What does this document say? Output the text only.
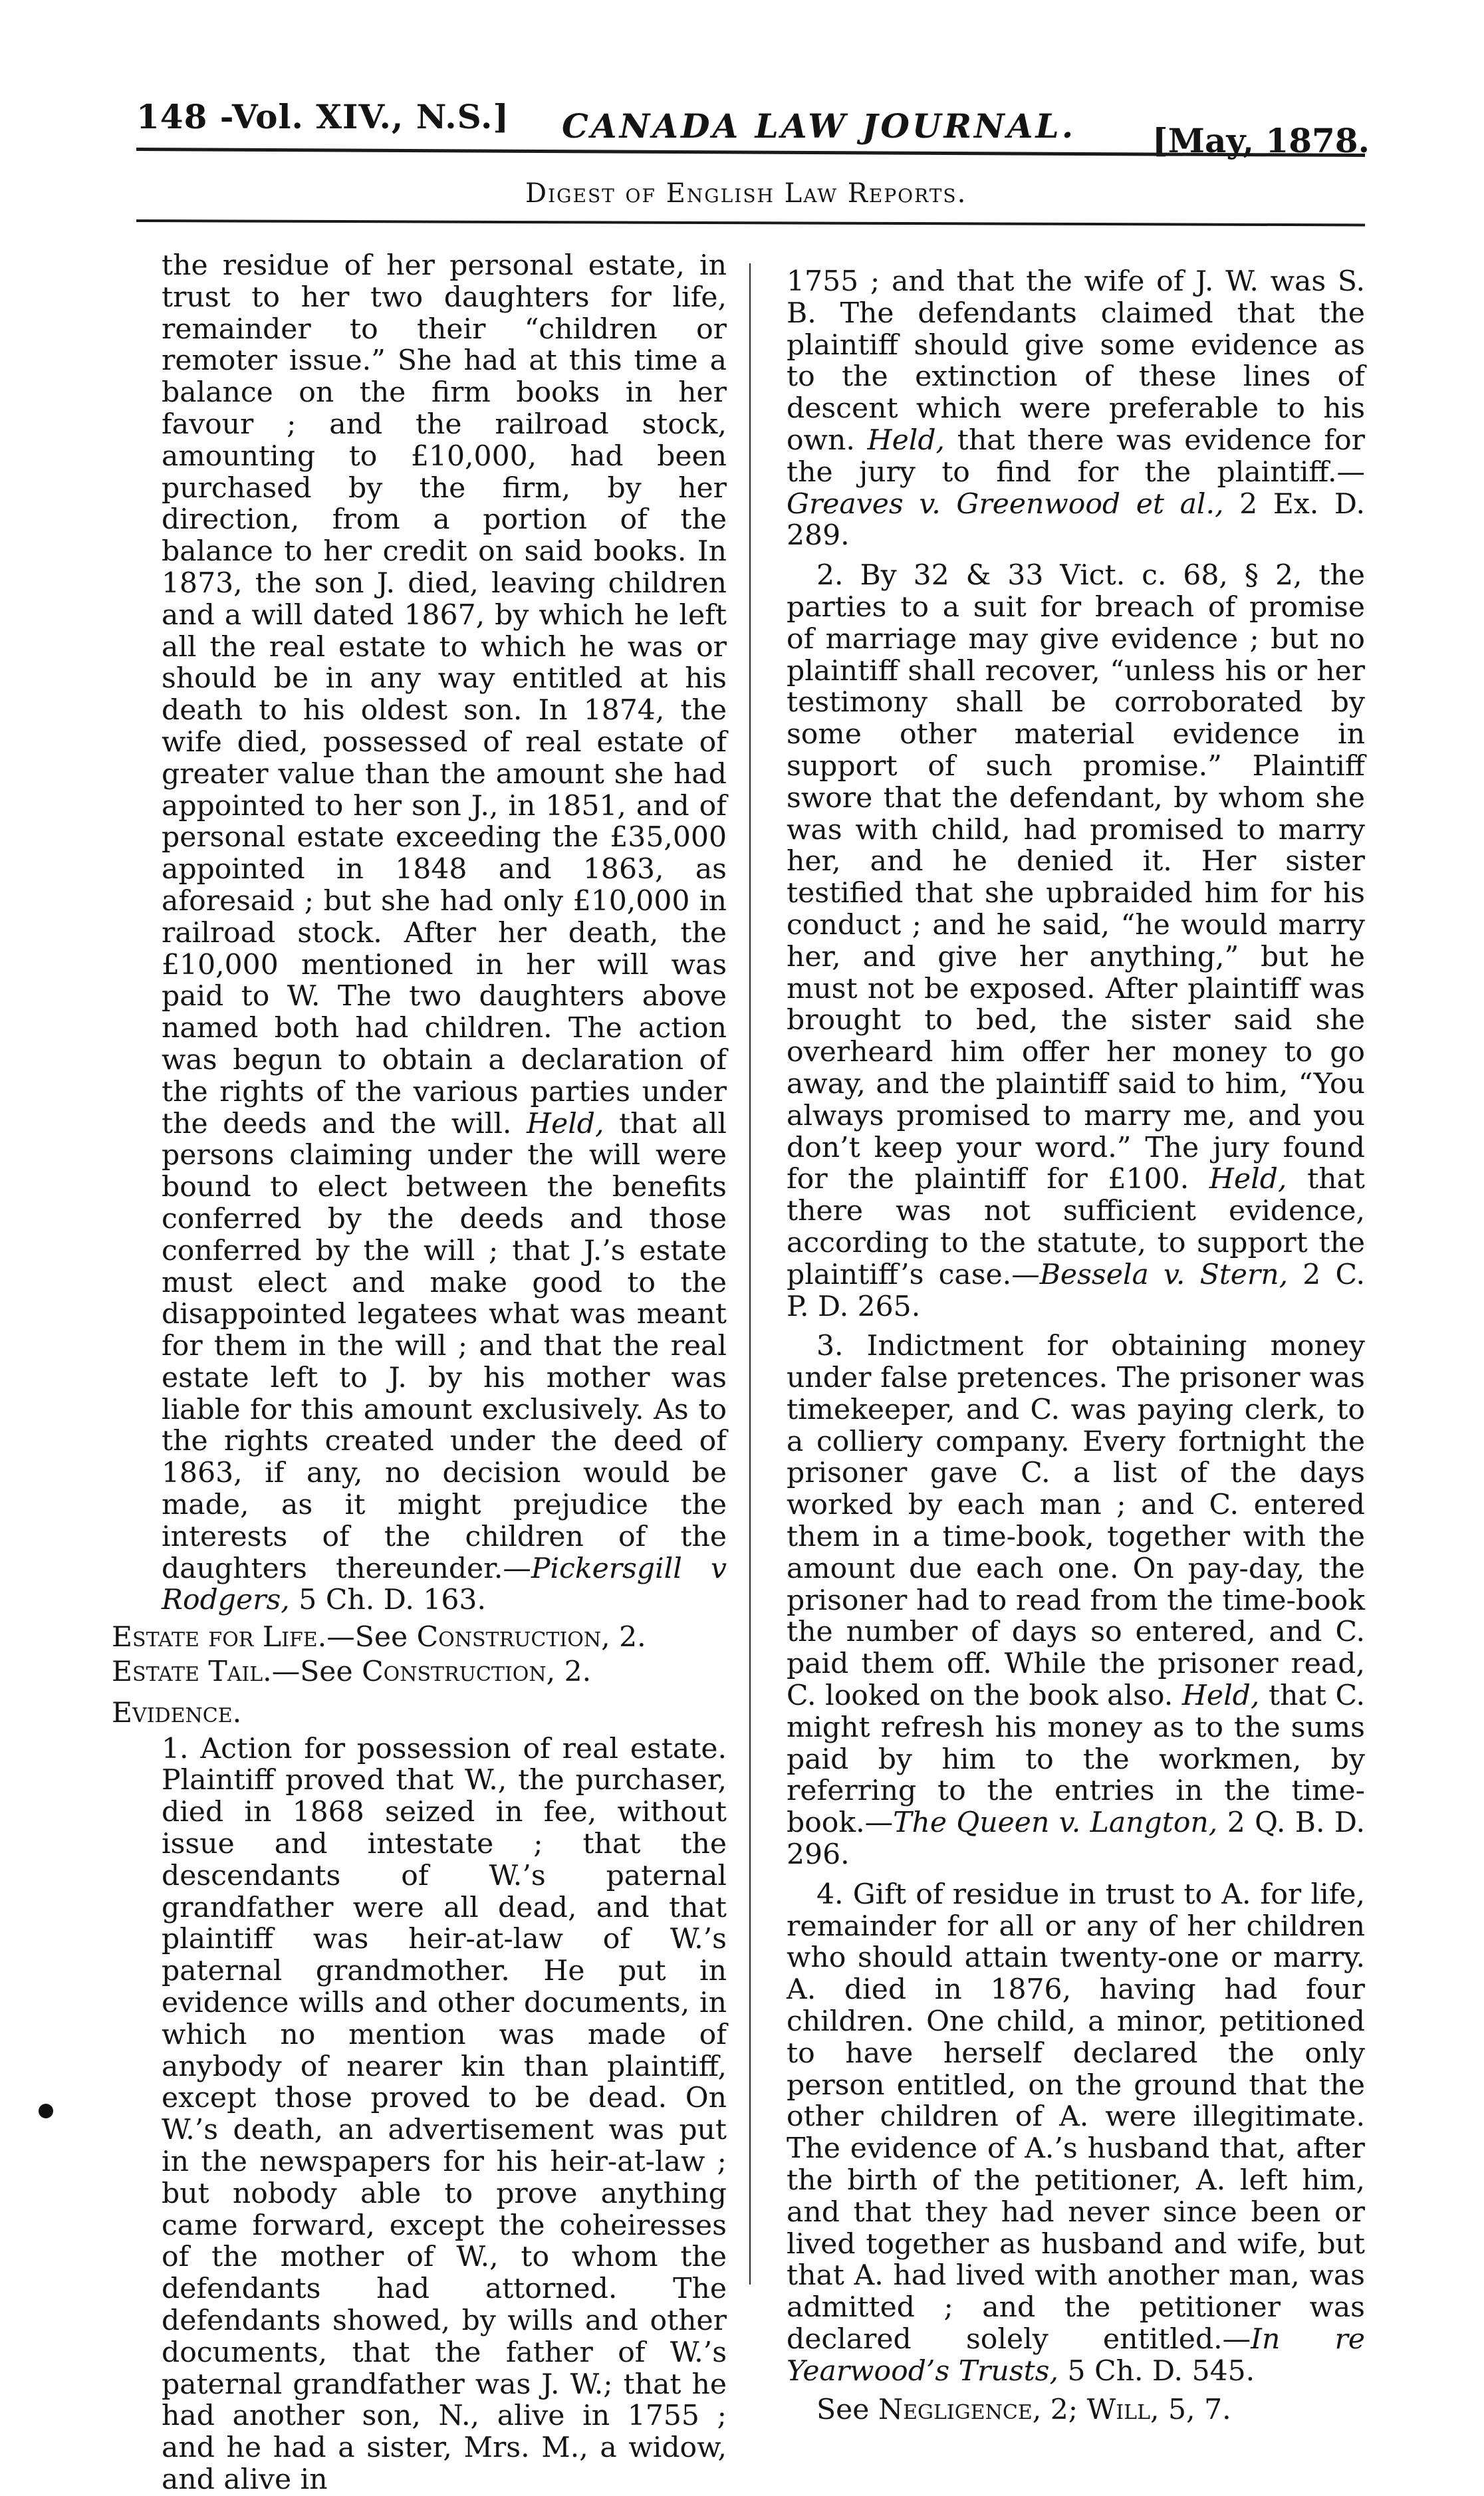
148 -Vol. XIV., N.S.] CANADA LAW JOURNAL. [May, 1878.
Digest of English Law Reports.

the residue of her personal estate, in trust to her two daughters for life, remainder to their “children or remoter issue.” She had at this time a balance on the firm books in her favour ; and the railroad stock, amounting to £10,000, had been purchased by the firm, by her direction, from a portion of the balance to her credit on said books. In 1873, the son J. died, leaving children and a will dated 1867, by which he left all the real estate to which he was or should be in any way entitled at his death to his oldest son. In 1874, the wife died, possessed of real estate of greater value than the amount she had appointed to her son J., in 1851, and of personal estate exceeding the £35,000 appointed in 1848 and 1863, as aforesaid ; but she had only £10,000 in railroad stock. After her death, the £10,000 mentioned in her will was paid to W. The two daughters above named both had children. The action was begun to obtain a declaration of the rights of the various parties under the deeds and the will. Held, that all persons claiming under the will were bound to elect between the benefits conferred by the deeds and those conferred by the will ; that J.’s estate must elect and make good to the disappointed legatees what was meant for them in the will ; and that the real estate left to J. by his mother was liable for this amount exclusively. As to the rights created under the deed of 1863, if any, no decision would be made, as it might prejudice the interests of the children of the daughters thereunder.—Pickersgill v Rodgers, 5 Ch. D. 163.

Estate for Life.—See Construction, 2.

Estate Tail.—See Construction, 2.

Evidence.

1. Action for possession of real estate. Plaintiff proved that W., the purchaser, died in 1868 seized in fee, without issue and intestate ; that the descendants of W.’s paternal grandfather were all dead, and that plaintiff was heir-at-law of W.’s paternal grandmother. He put in evidence wills and other documents, in which no mention was made of anybody of nearer kin than plaintiff, except those proved to be dead. On W.’s death, an advertisement was put in the newspapers for his heir-at-law ; but nobody able to prove anything came forward, except the coheiresses of the mother of W., to whom the defendants had attorned. The defendants showed, by wills and other documents, that the father of W.’s paternal grandfather was J. W.; that he had another son, N., alive in 1755 ; and he had a sister, Mrs. M., a widow, and alive in

1755 ; and that the wife of J. W. was S. B. The defendants claimed that the plaintiff should give some evidence as to the extinction of these lines of descent which were preferable to his own. Held, that there was evidence for the jury to find for the plaintiff.—Greaves v. Greenwood et al., 2 Ex. D. 289.

2. By 32 & 33 Vict. c. 68, § 2, the parties to a suit for breach of promise of marriage may give evidence ; but no plaintiff shall recover, “unless his or her testimony shall be corroborated by some other material evidence in support of such promise.” Plaintiff swore that the defendant, by whom she was with child, had promised to marry her, and he denied it. Her sister testified that she upbraided him for his conduct ; and he said, “he would marry her, and give her anything,” but he must not be exposed. After plaintiff was brought to bed, the sister said she overheard him offer her money to go away, and the plaintiff said to him, “You always promised to marry me, and you don’t keep your word.” The jury found for the plaintiff for £100. Held, that there was not sufficient evidence, according to the statute, to support the plaintiff’s case.—Bessela v. Stern, 2 C. P. D. 265.

3. Indictment for obtaining money under false pretences. The prisoner was timekeeper, and C. was paying clerk, to a colliery company. Every fortnight the prisoner gave C. a list of the days worked by each man ; and C. entered them in a time-book, together with the amount due each one. On pay-day, the prisoner had to read from the time-book the number of days so entered, and C. paid them off. While the prisoner read, C. looked on the book also. Held, that C. might refresh his money as to the sums paid by him to the workmen, by referring to the entries in the time-book.—The Queen v. Langton, 2 Q. B. D. 296.

4. Gift of residue in trust to A. for life, remainder for all or any of her children who should attain twenty-one or marry. A. died in 1876, having had four children. One child, a minor, petitioned to have herself declared the only person entitled, on the ground that the other children of A. were illegitimate. The evidence of A.’s husband that, after the birth of the petitioner, A. left him, and that they had never since been or lived together as husband and wife, but that A. had lived with another man, was admitted ; and the petitioner was declared solely entitled.—In re Yearwood’s Trusts, 5 Ch. D. 545.

See Negligence, 2; Will, 5, 7.
